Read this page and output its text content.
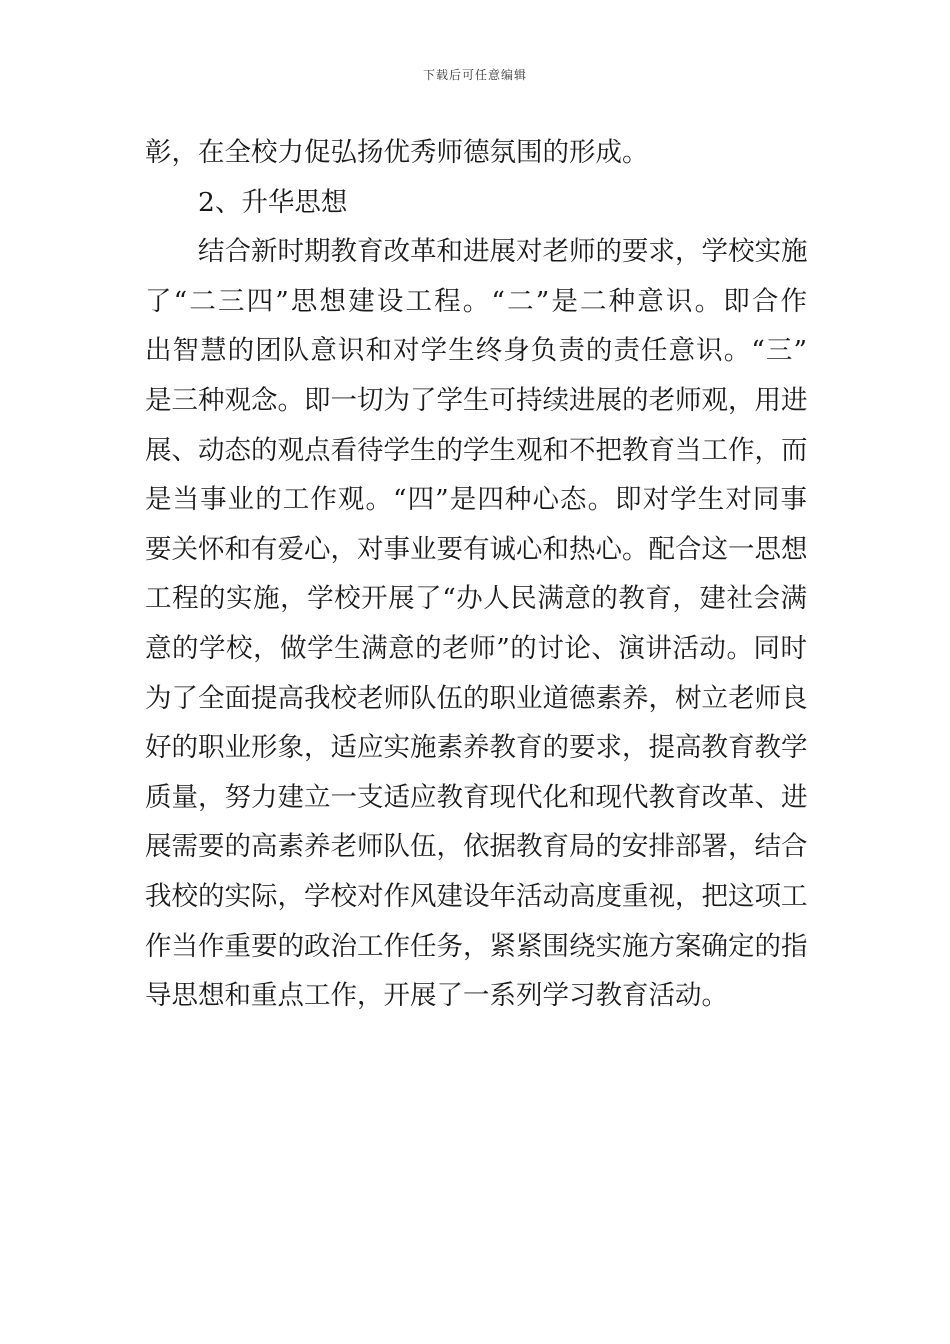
下载后可任意编辑
彰，在全校力促弘扬优秀师德氛围的形成。
2、升华思想
结合新时期教育改革和进展对老师的要求，学校实施
了“二三四”思想建设工程。“二”是二种意识。即合作
出智慧的团队意识和对学生终身负责的责任意识。“三”
是三种观念。即一切为了学生可持续进展的老师观，用进
展、动态的观点看待学生的学生观和不把教育当工作，而
是当事业的工作观。“四”是四种心态。即对学生对同事
要关怀和有爱心，对事业要有诚心和热心。配合这一思想
工程的实施，学校开展了“办人民满意的教育，建社会满
意的学校，做学生满意的老师”的讨论、演讲活动。同时
为了全面提高我校老师队伍的职业道德素养，树立老师良
好的职业形象，适应实施素养教育的要求，提高教育教学
质量，努力建立一支适应教育现代化和现代教育改革、进
展需要的高素养老师队伍，依据教育局的安排部署，结合
我校的实际，学校对作风建设年活动高度重视，把这项工
作当作重要的政治工作任务，紧紧围绕实施方案确定的指
导思想和重点工作，开展了一系列学习教育活动。
